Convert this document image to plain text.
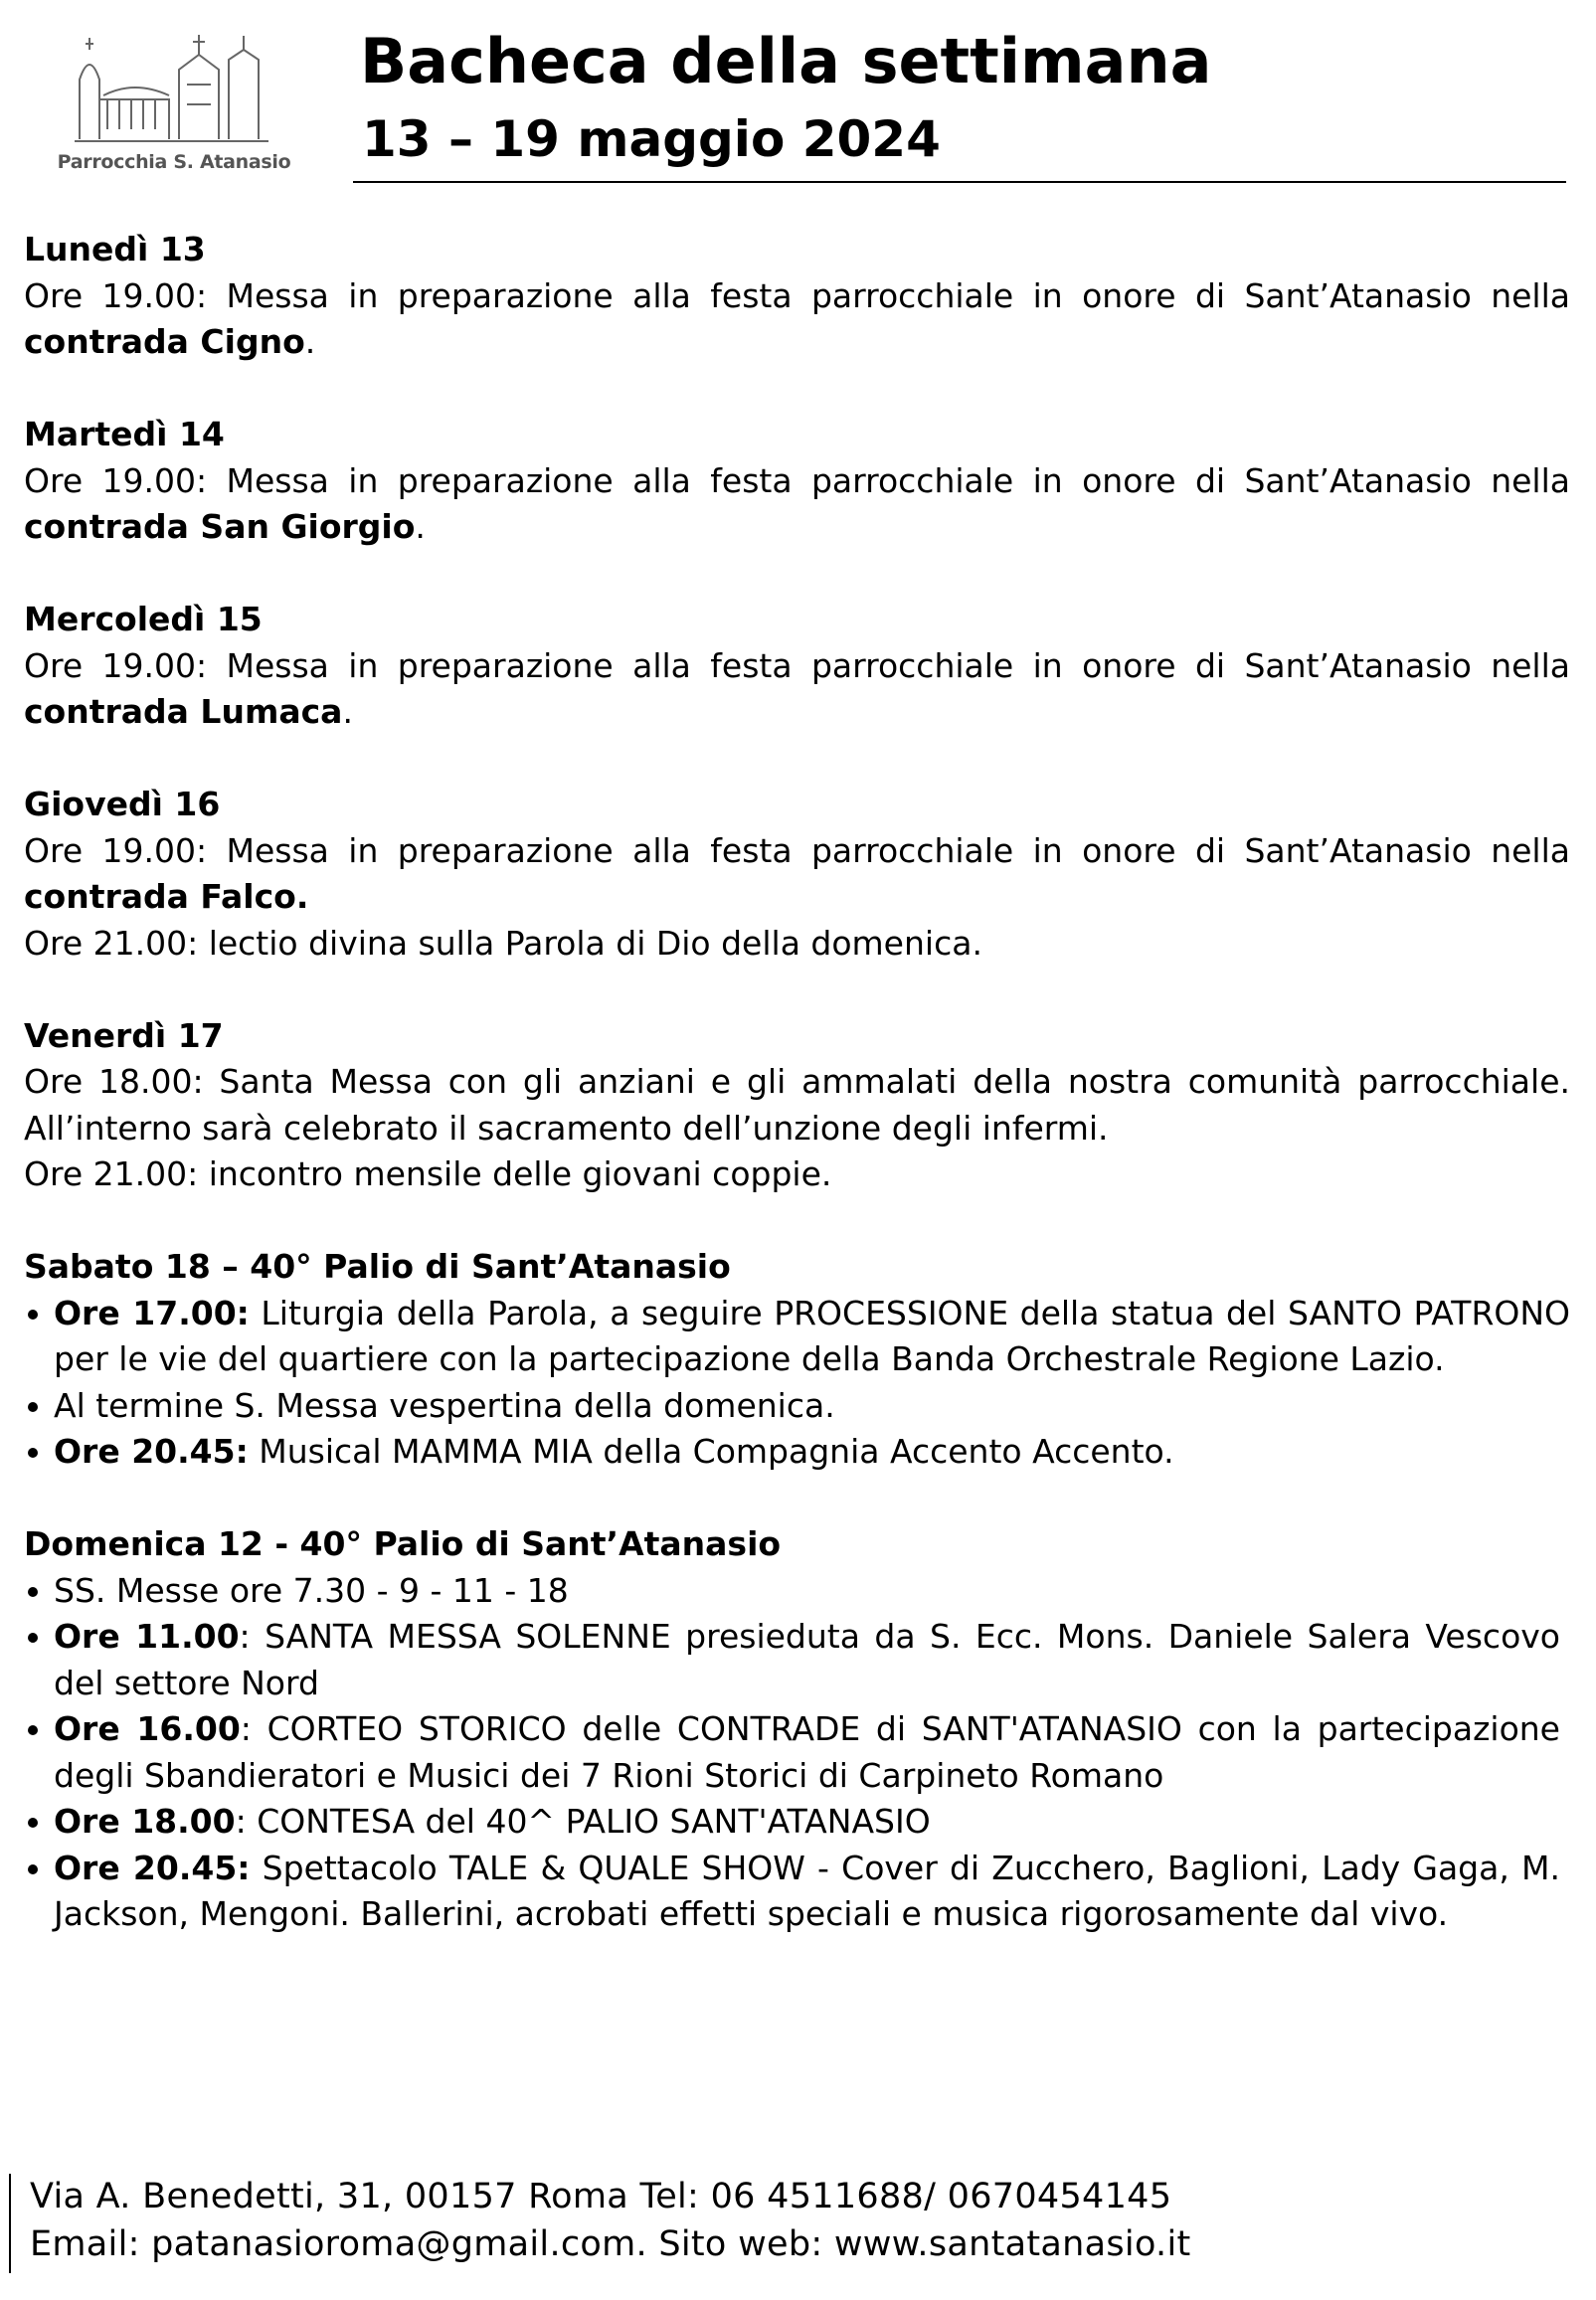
Parrocchia S. Atanasio
Bacheca della settimana
13 – 19 maggio 2024
Lunedì 13
Ore 19.00: Messa in preparazione alla festa parrocchiale in onore di Sant’Atanasio nella contrada Cigno.
Martedì 14
Ore 19.00: Messa in preparazione alla festa parrocchiale in onore di Sant’Atanasio nella contrada San Giorgio.
Mercoledì 15
Ore 19.00: Messa in preparazione alla festa parrocchiale in onore di Sant’Atanasio nella contrada Lumaca.
Giovedì 16
Ore 19.00: Messa in preparazione alla festa parrocchiale in onore di Sant’Atanasio nella contrada Falco.
Ore 21.00: lectio divina sulla Parola di Dio della domenica.
Venerdì 17
Ore 18.00: Santa Messa con gli anziani e gli ammalati della nostra comunità parrocchiale. All’interno sarà celebrato il sacramento dell’unzione degli infermi.
Ore 21.00: incontro mensile delle giovani coppie.
Sabato 18 – 40° Palio di Sant’Atanasio
Ore 17.00: Liturgia della Parola, a seguire PROCESSIONE della statua del SANTO PATRONO per le vie del quartiere con la partecipazione della Banda Orchestrale Regione Lazio.
Al termine S. Messa vespertina della domenica.
Ore 20.45: Musical MAMMA MIA della Compagnia Accento Accento.
Domenica 12 - 40° Palio di Sant’Atanasio
SS. Messe ore 7.30 - 9 - 11 - 18
Ore 11.00: SANTA MESSA SOLENNE presieduta da S. Ecc. Mons. Daniele Salera Vescovo del settore Nord
Ore 16.00: CORTEO STORICO delle CONTRADE di SANT'ATANASIO con la partecipazione degli Sbandieratori e Musici dei 7 Rioni Storici di Carpineto Romano
Ore 18.00: CONTESA del 40^ PALIO SANT'ATANASIO
Ore 20.45: Spettacolo TALE & QUALE SHOW - Cover di Zucchero, Baglioni, Lady Gaga, M. Jackson, Mengoni. Ballerini, acrobati effetti speciali e musica rigorosamente dal vivo.
Via A. Benedetti, 31, 00157 Roma Tel: 06 4511688/ 0670454145
Email: patanasioroma@gmail.com. Sito web: www.santatanasio.it
